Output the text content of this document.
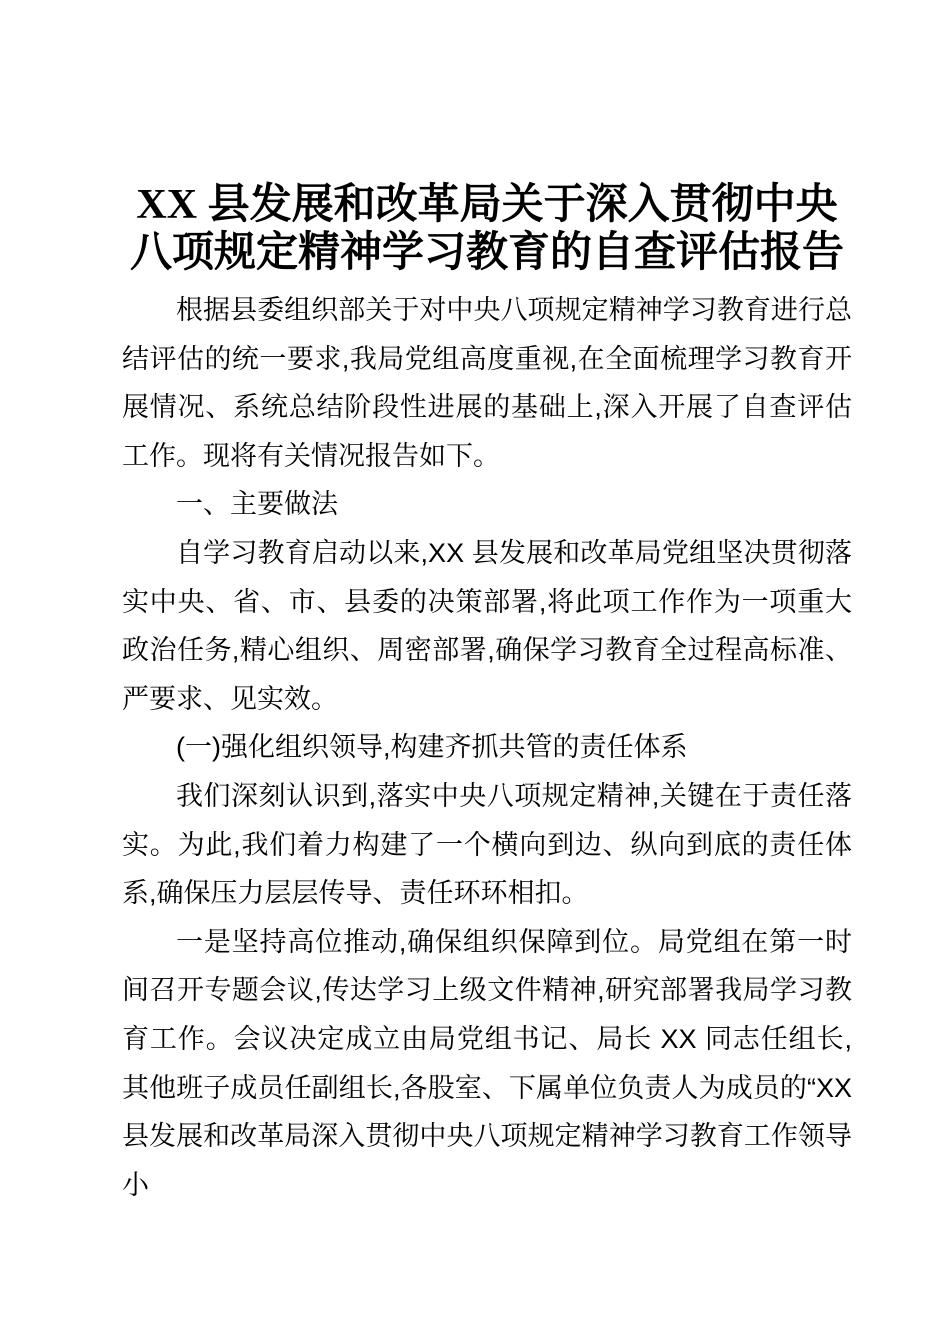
XX 县发展和改革局关于深入贯彻中央
八项规定精神学习教育的自查评估报告

根据县委组织部关于对中央八项规定精神学习教育进行总结评估的统一要求,我局党组高度重视,在全面梳理学习教育开展情况、系统总结阶段性进展的基础上,深入开展了自查评估工作。现将有关情况报告如下。

一、主要做法

自学习教育启动以来,XX 县发展和改革局党组坚决贯彻落实中央、省、市、县委的决策部署,将此项工作作为一项重大政治任务,精心组织、周密部署,确保学习教育全过程高标准、严要求、见实效。

(一)强化组织领导,构建齐抓共管的责任体系

我们深刻认识到,落实中央八项规定精神,关键在于责任落实。为此,我们着力构建了一个横向到边、纵向到底的责任体系,确保压力层层传导、责任环环相扣。

一是坚持高位推动,确保组织保障到位。局党组在第一时间召开专题会议,传达学习上级文件精神,研究部署我局学习教育工作。会议决定成立由局党组书记、局长 XX 同志任组长,其他班子成员任副组长,各股室、下属单位负责人为成员的“XX 县发展和改革局深入贯彻中央八项规定精神学习教育工作领导小
